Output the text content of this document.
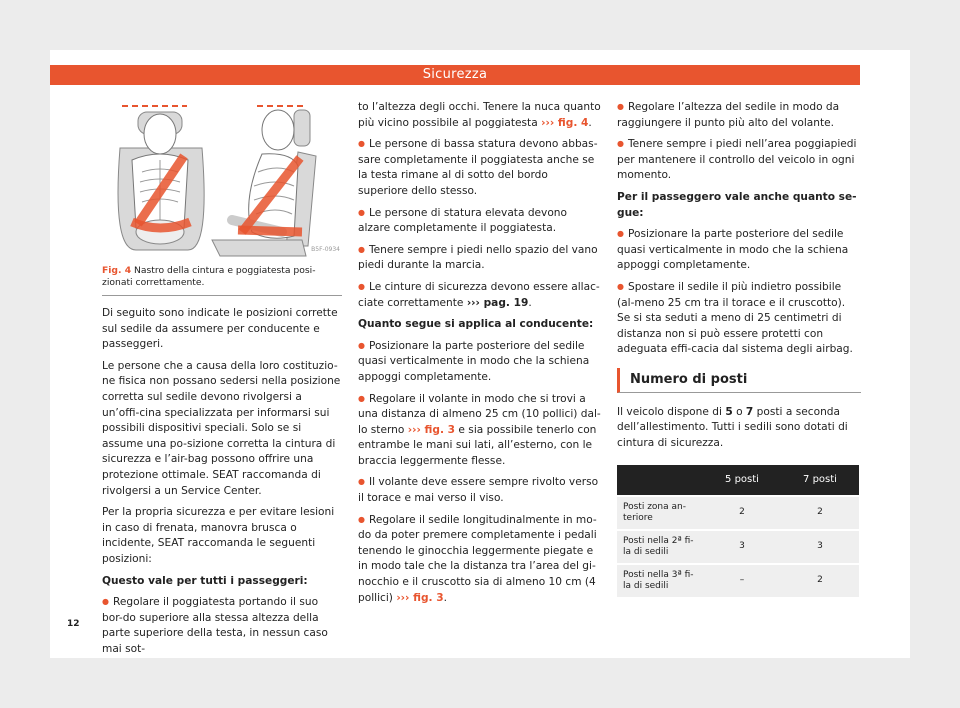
Sicurezza
B5F-0934
Fig. 4 Nastro della cintura e poggiatesta posi-zionati correttamente.

Di seguito sono indicate le posizioni corrette sul sedile da assumere per conducente e passeggeri.

Le persone che a causa della loro costituzio-ne fisica non possano sedersi nella posizione corretta sul sedile devono rivolgersi a un’offi-cina specializzata per informarsi sui possibili dispositivi speciali. Solo se si assume una po-sizione corretta la cintura di sicurezza e l’air-bag possono offrire una protezione ottimale. SEAT raccomanda di rivolgersi a un Service Center.

Per la propria sicurezza e per evitare lesioni in caso di frenata, manovra brusca o incidente, SEAT raccomanda le seguenti posizioni:

Questo vale per tutti i passeggeri:

● Regolare il poggiatesta portando il suo bor-do superiore alla stessa altezza della parte superiore della testa, in nessun caso mai sot-

to l’altezza degli occhi. Tenere la nuca quanto più vicino possibile al poggiatesta ››› fig. 4.

● Le persone di bassa statura devono abbas-sare completamente il poggiatesta anche se la testa rimane al di sotto del bordo superiore dello stesso.

● Le persone di statura elevata devono alzare completamente il poggiatesta.

● Tenere sempre i piedi nello spazio del vano piedi durante la marcia.

● Le cinture di sicurezza devono essere allac-ciate correttamente ››› pag. 19.

Quanto segue si applica al conducente:

● Posizionare la parte posteriore del sedile quasi verticalmente in modo che la schiena appoggi completamente.

● Regolare il volante in modo che si trovi a una distanza di almeno 25 cm (10 pollici) dal-lo sterno ››› fig. 3 e sia possibile tenerlo con entrambe le mani sui lati, all’esterno, con le braccia leggermente flesse.

● Il volante deve essere sempre rivolto verso il torace e mai verso il viso.

● Regolare il sedile longitudinalmente in mo-do da poter premere completamente i pedali tenendo le ginocchia leggermente piegate e in modo tale che la distanza tra l’area del gi-nocchio e il cruscotto sia di almeno 10 cm (4 pollici) ››› fig. 3.

● Regolare l’altezza del sedile in modo da raggiungere il punto più alto del volante.

● Tenere sempre i piedi nell’area poggiapiedi per mantenere il controllo del veicolo in ogni momento.

Per il passeggero vale anche quanto se-gue:

● Posizionare la parte posteriore del sedile quasi verticalmente in modo che la schiena appoggi completamente.

● Spostare il sedile il più indietro possibile (al-meno 25 cm tra il torace e il cruscotto). Se si sta seduti a meno di 25 centimetri di distanza non si può essere protetti con adeguata effi-cacia dal sistema degli airbag.

Numero di posti

Il veicolo dispone di 5 o 7 posti a seconda dell’allestimento. Tutti i sedili sono dotati di cintura di sicurezza.

	5 posti	7 posti
Posti zona an-teriore	2	2
Posti nella 2ª fi-la di sedili	3	3
Posti nella 3ª fi-la di sedili	–	2
12
